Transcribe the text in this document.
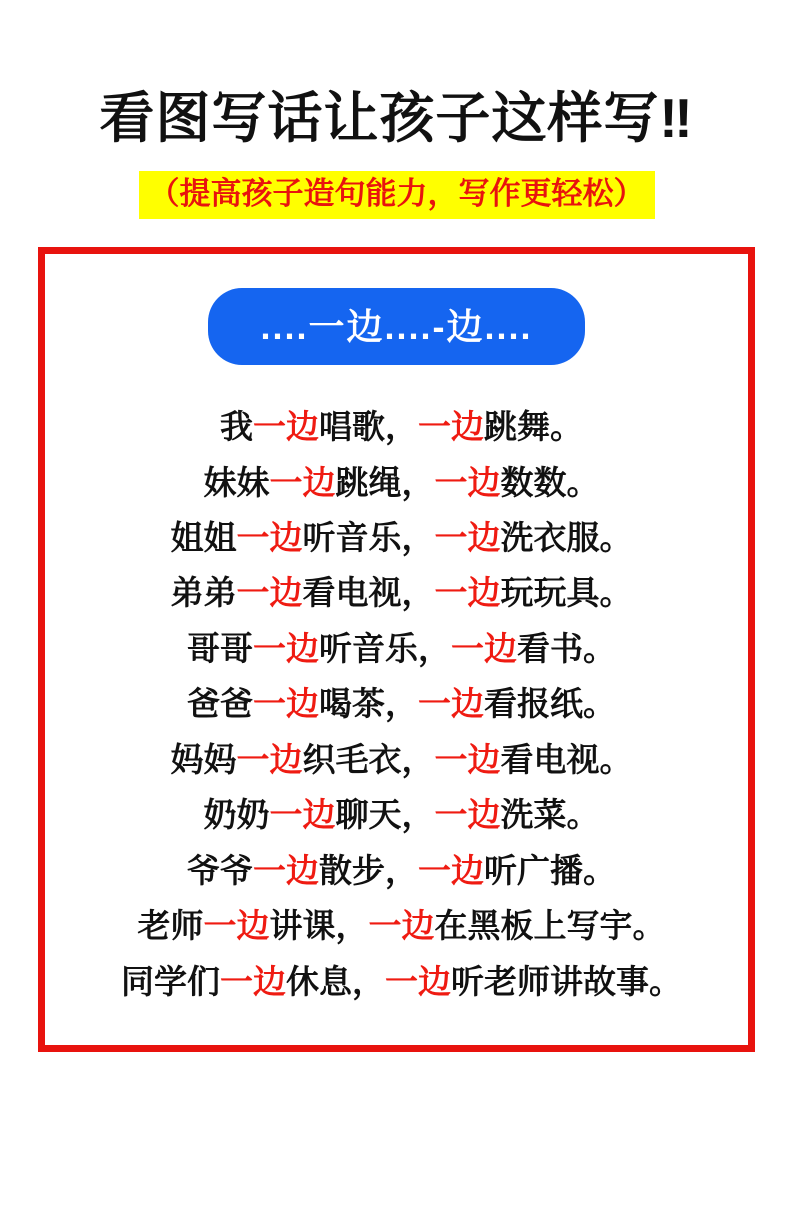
看图写话让孩子这样写‼
（提高孩子造句能力，写作更轻松）
....一边....-边....
我一边唱歌，一边跳舞。
妹妹一边跳绳，一边数数。
姐姐一边听音乐，一边洗衣服。
弟弟一边看电视，一边玩玩具。
哥哥一边听音乐，一边看书。
爸爸一边喝茶，一边看报纸。
妈妈一边织毛衣，一边看电视。
奶奶一边聊天，一边洗菜。
爷爷一边散步，一边听广播。
老师一边讲课，一边在黑板上写宇。
同学们一边休息，一边听老师讲故事。
